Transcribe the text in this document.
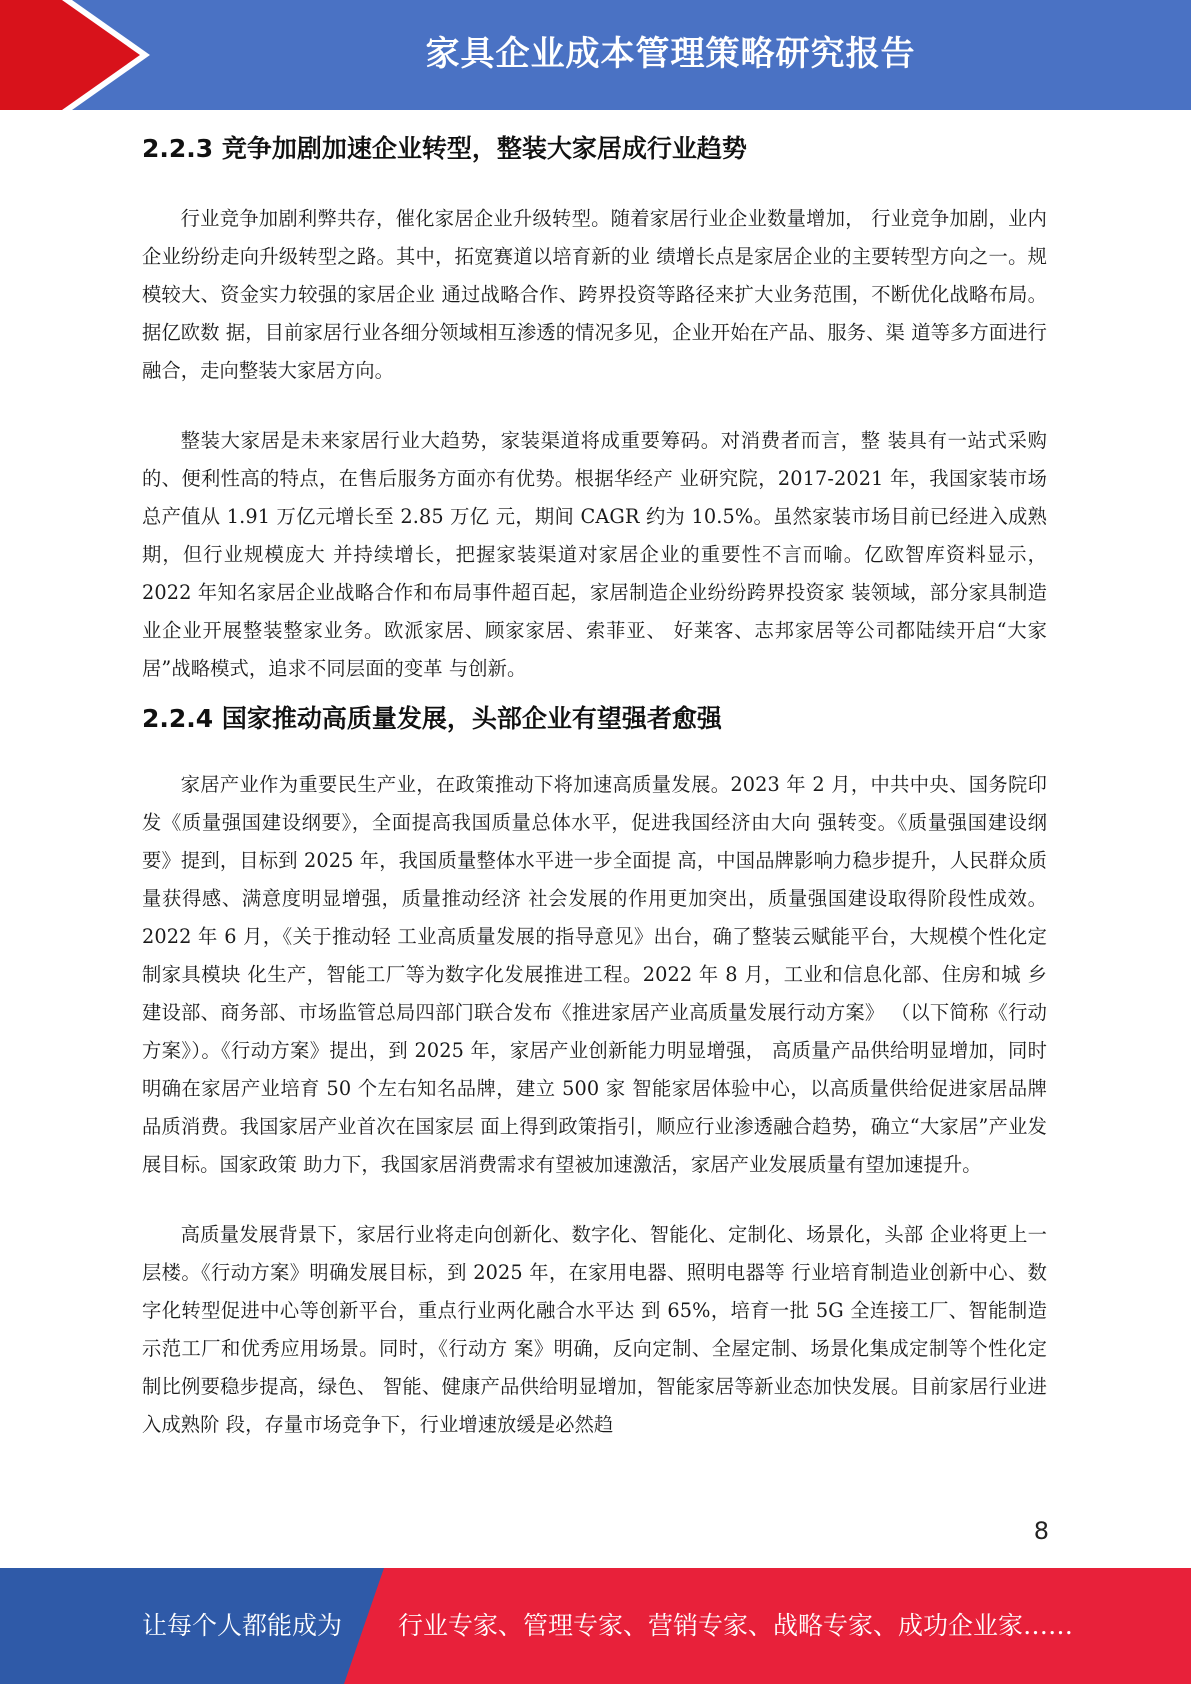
家具企业成本管理策略研究报告
2.2.3 竞争加剧加速企业转型，整装大家居成行业趋势

行业竞争加剧利弊共存，催化家居企业升级转型。随着家居行业企业数量增加， 行业竞争加剧，业内企业纷纷走向升级转型之路。其中，拓宽赛道以培育新的业 绩增长点是家居企业的主要转型方向之一。规模较大、资金实力较强的家居企业 通过战略合作、跨界投资等路径来扩大业务范围，不断优化战略布局。据亿欧数 据，目前家居行业各细分领域相互渗透的情况多见，企业开始在产品、服务、渠 道等多方面进行融合，走向整装大家居方向。

整装大家居是未来家居行业大趋势，家装渠道将成重要筹码。对消费者而言，整 装具有一站式采购的、便利性高的特点，在售后服务方面亦有优势。根据华经产 业研究院，2017-2021 年，我国家装市场总产值从 1.91 万亿元增长至 2.85 万亿 元，期间 CAGR 约为 10.5%。虽然家装市场目前已经进入成熟期，但行业规模庞大 并持续增长，把握家装渠道对家居企业的重要性不言而喻。亿欧智库资料显示， 2022 年知名家居企业战略合作和布局事件超百起，家居制造企业纷纷跨界投资家 装领域，部分家具制造业企业开展整装整家业务。欧派家居、顾家家居、索菲亚、 好莱客、志邦家居等公司都陆续开启“大家居”战略模式，追求不同层面的变革 与创新。

2.2.4 国家推动高质量发展，头部企业有望强者愈强

家居产业作为重要民生产业，在政策推动下将加速高质量发展。2023 年 2 月，中共中央、国务院印发《质量强国建设纲要》，全面提高我国质量总体水平，促进我国经济由大向 强转变。《质量强国建设纲要》提到，目标到 2025 年，我国质量整体水平进一步全面提 高，中国品牌影响力稳步提升，人民群众质量获得感、满意度明显增强，质量推动经济 社会发展的作用更加突出，质量强国建设取得阶段性成效。2022 年 6 月，《关于推动轻 工业高质量发展的指导意见》出台，确了整装云赋能平台，大规模个性化定制家具模块 化生产，智能工厂等为数字化发展推进工程。2022 年 8 月，工业和信息化部、住房和城 乡建设部、商务部、市场监管总局四部门联合发布《推进家居产业高质量发展行动方案》 （以下简称《行动方案》）。《行动方案》提出，到 2025 年，家居产业创新能力明显增强， 高质量产品供给明显增加，同时明确在家居产业培育 50 个左右知名品牌，建立 500 家 智能家居体验中心，以高质量供给促进家居品牌品质消费。我国家居产业首次在国家层 面上得到政策指引，顺应行业渗透融合趋势，确立“大家居”产业发展目标。国家政策 助力下，我国家居消费需求有望被加速激活，家居产业发展质量有望加速提升。

高质量发展背景下，家居行业将走向创新化、数字化、智能化、定制化、场景化，头部 企业将更上一层楼。《行动方案》明确发展目标，到 2025 年，在家用电器、照明电器等 行业培育制造业创新中心、数字化转型促进中心等创新平台，重点行业两化融合水平达 到 65%，培育一批 5G 全连接工厂、智能制造示范工厂和优秀应用场景。同时，《行动方 案》明确，反向定制、全屋定制、场景化集成定制等个性化定制比例要稳步提高，绿色、 智能、健康产品供给明显增加，智能家居等新业态加快发展。目前家居行业进入成熟阶 段，存量市场竞争下，行业增速放缓是必然趋

8
让每个人都能成为 行业专家、管理专家、营销专家、战略专家、成功企业家……
